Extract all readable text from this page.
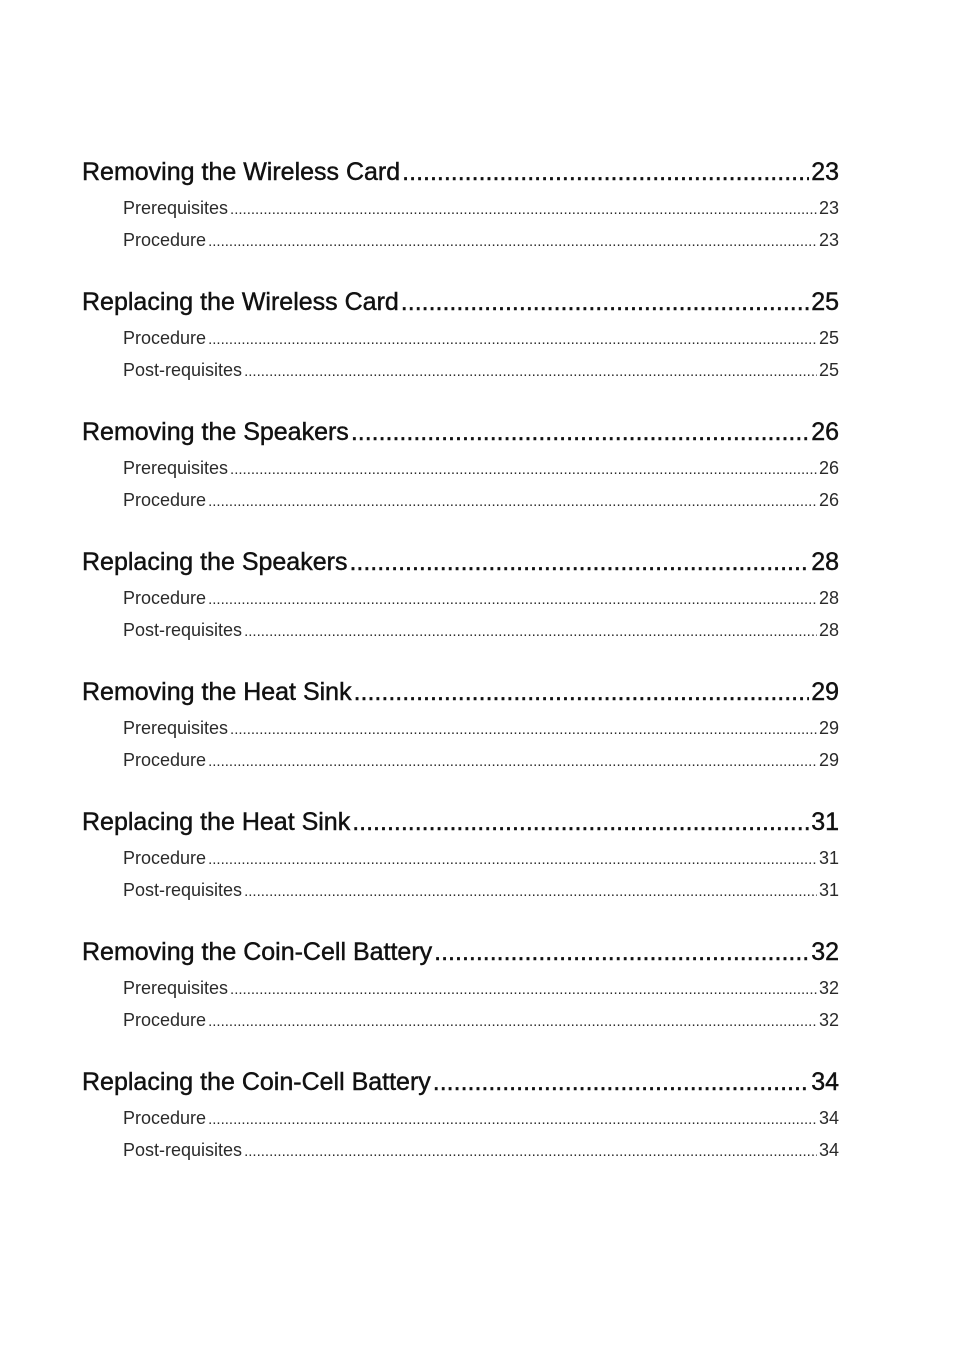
Removing the Wireless Card .....	23
Prerequisites .....	23
Procedure .....	23
Replacing the Wireless Card .....	25
Procedure .....	25
Post-requisites .....	25
Removing the Speakers .....	26
Prerequisites .....	26
Procedure .....	26
Replacing the Speakers .....	28
Procedure .....	28
Post-requisites .....	28
Removing the Heat Sink .....	29
Prerequisites .....	29
Procedure .....	29
Replacing the Heat Sink .....	31
Procedure .....	31
Post-requisites .....	31
Removing the Coin-Cell Battery .....	32
Prerequisites .....	32
Procedure .....	32
Replacing the Coin-Cell Battery .....	34
Procedure .....	34
Post-requisites .....	34
